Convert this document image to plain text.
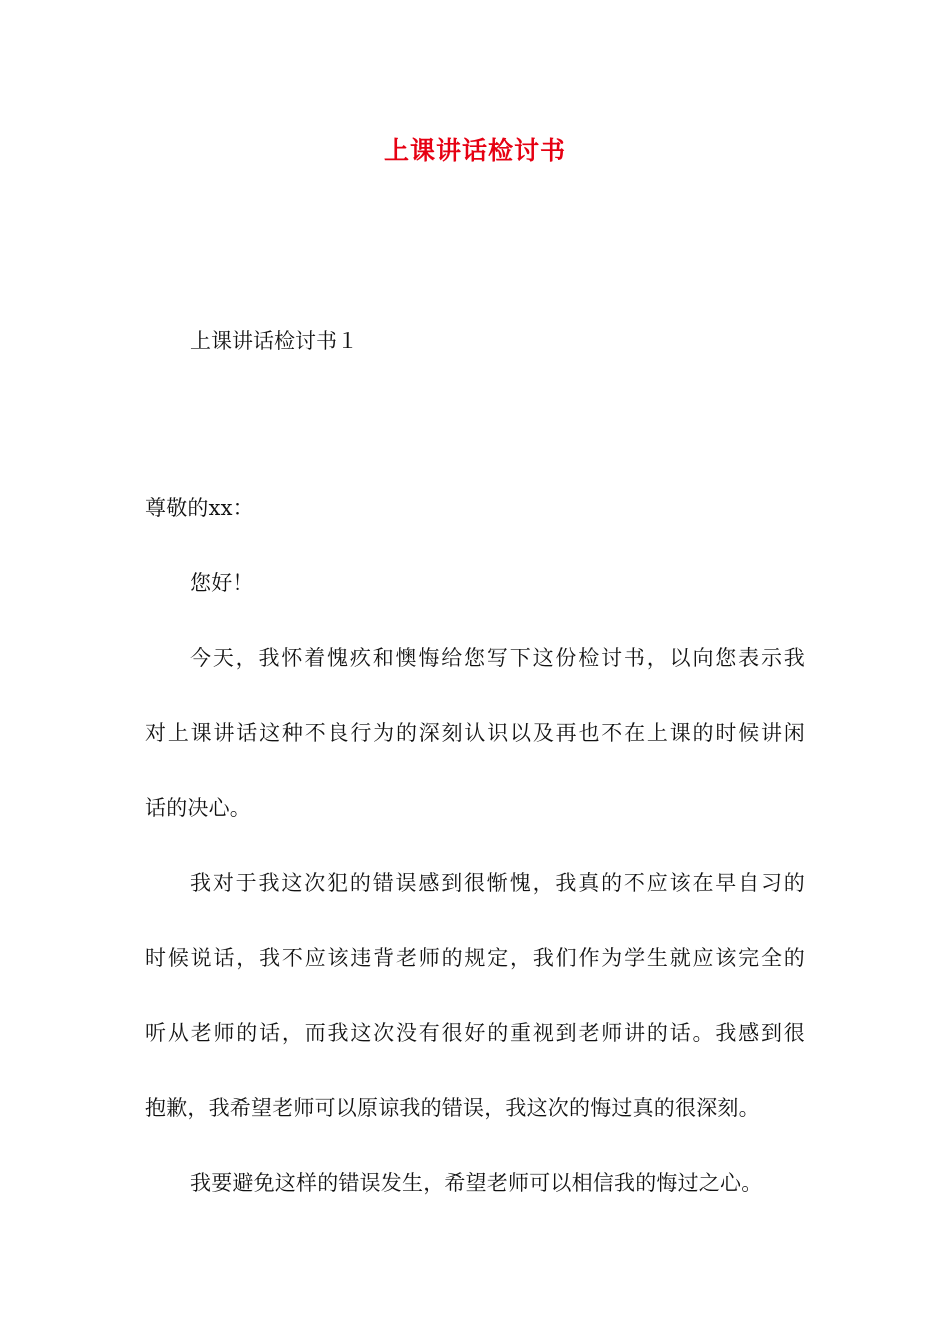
上课讲话检讨书
上课讲话检讨书１
尊敬的xx：
您好！
今天，我怀着愧疚和懊悔给您写下这份检讨书，以向您表示我
对上课讲话这种不良行为的深刻认识以及再也不在上课的时候讲闲
话的决心。
我对于我这次犯的错误感到很惭愧，我真的不应该在早自习的
时候说话，我不应该违背老师的规定，我们作为学生就应该完全的
听从老师的话，而我这次没有很好的重视到老师讲的话。我感到很
抱歉，我希望老师可以原谅我的错误，我这次的悔过真的很深刻。
我要避免这样的错误发生，希望老师可以相信我的悔过之心。
